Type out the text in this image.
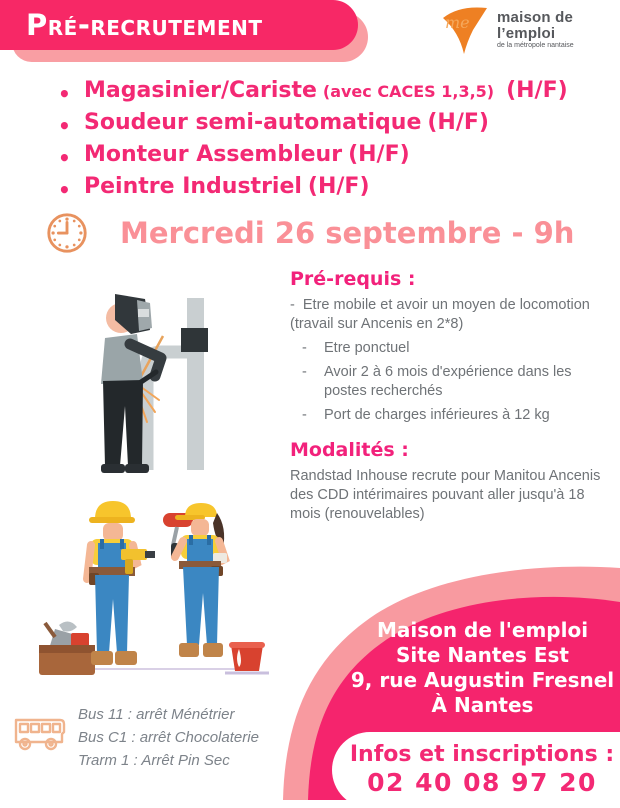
Pré-recrutement	me maison de l’emploi
de la métropole nantaise
• Magasinier/Cariste (avec CACES 1,3,5) (H/F)
• Soudeur semi-automatique (H/F)
• Monteur Assembleur (H/F)
• Peintre Industriel (H/F)
Mercredi 26 septembre - 9h
Pré-requis :
-  Etre mobile et avoir un moyen de locomotion (travail sur Ancenis en 2*8)
- Etre ponctuel
- Avoir 2 à 6 mois d'expérience dans les postes recherchés
- Port de charges inférieures à 12 kg
Modalités :

Randstad Inhouse recrute pour Manitou Ancenis des CDD intérimaires pouvant aller jusqu'à 18 mois (renouvelables)

Bus 11 : arrêt Ménétrier
Bus C1 : arrêt Chocolaterie
Trarm 1 : Arrêt Pin Sec
Maison de l'emploi
Site Nantes Est
9, rue Augustin Fresnel
À Nantes
Infos et inscriptions :
02 40 08 97 20
